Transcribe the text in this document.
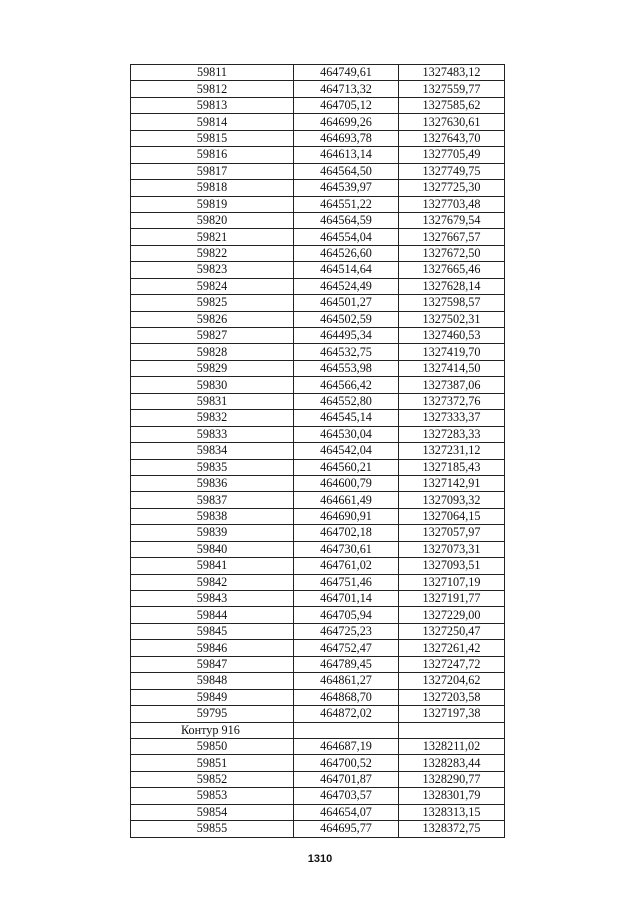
59811	464749,61	1327483,12
59812	464713,32	1327559,77
59813	464705,12	1327585,62
59814	464699,26	1327630,61
59815	464693,78	1327643,70
59816	464613,14	1327705,49
59817	464564,50	1327749,75
59818	464539,97	1327725,30
59819	464551,22	1327703,48
59820	464564,59	1327679,54
59821	464554,04	1327667,57
59822	464526,60	1327672,50
59823	464514,64	1327665,46
59824	464524,49	1327628,14
59825	464501,27	1327598,57
59826	464502,59	1327502,31
59827	464495,34	1327460,53
59828	464532,75	1327419,70
59829	464553,98	1327414,50
59830	464566,42	1327387,06
59831	464552,80	1327372,76
59832	464545,14	1327333,37
59833	464530,04	1327283,33
59834	464542,04	1327231,12
59835	464560,21	1327185,43
59836	464600,79	1327142,91
59837	464661,49	1327093,32
59838	464690,91	1327064,15
59839	464702,18	1327057,97
59840	464730,61	1327073,31
59841	464761,02	1327093,51
59842	464751,46	1327107,19
59843	464701,14	1327191,77
59844	464705,94	1327229,00
59845	464725,23	1327250,47
59846	464752,47	1327261,42
59847	464789,45	1327247,72
59848	464861,27	1327204,62
59849	464868,70	1327203,58
59795	464872,02	1327197,38
Контур 916		
59850	464687,19	1328211,02
59851	464700,52	1328283,44
59852	464701,87	1328290,77
59853	464703,57	1328301,79
59854	464654,07	1328313,15
59855	464695,77	1328372,75
1310
